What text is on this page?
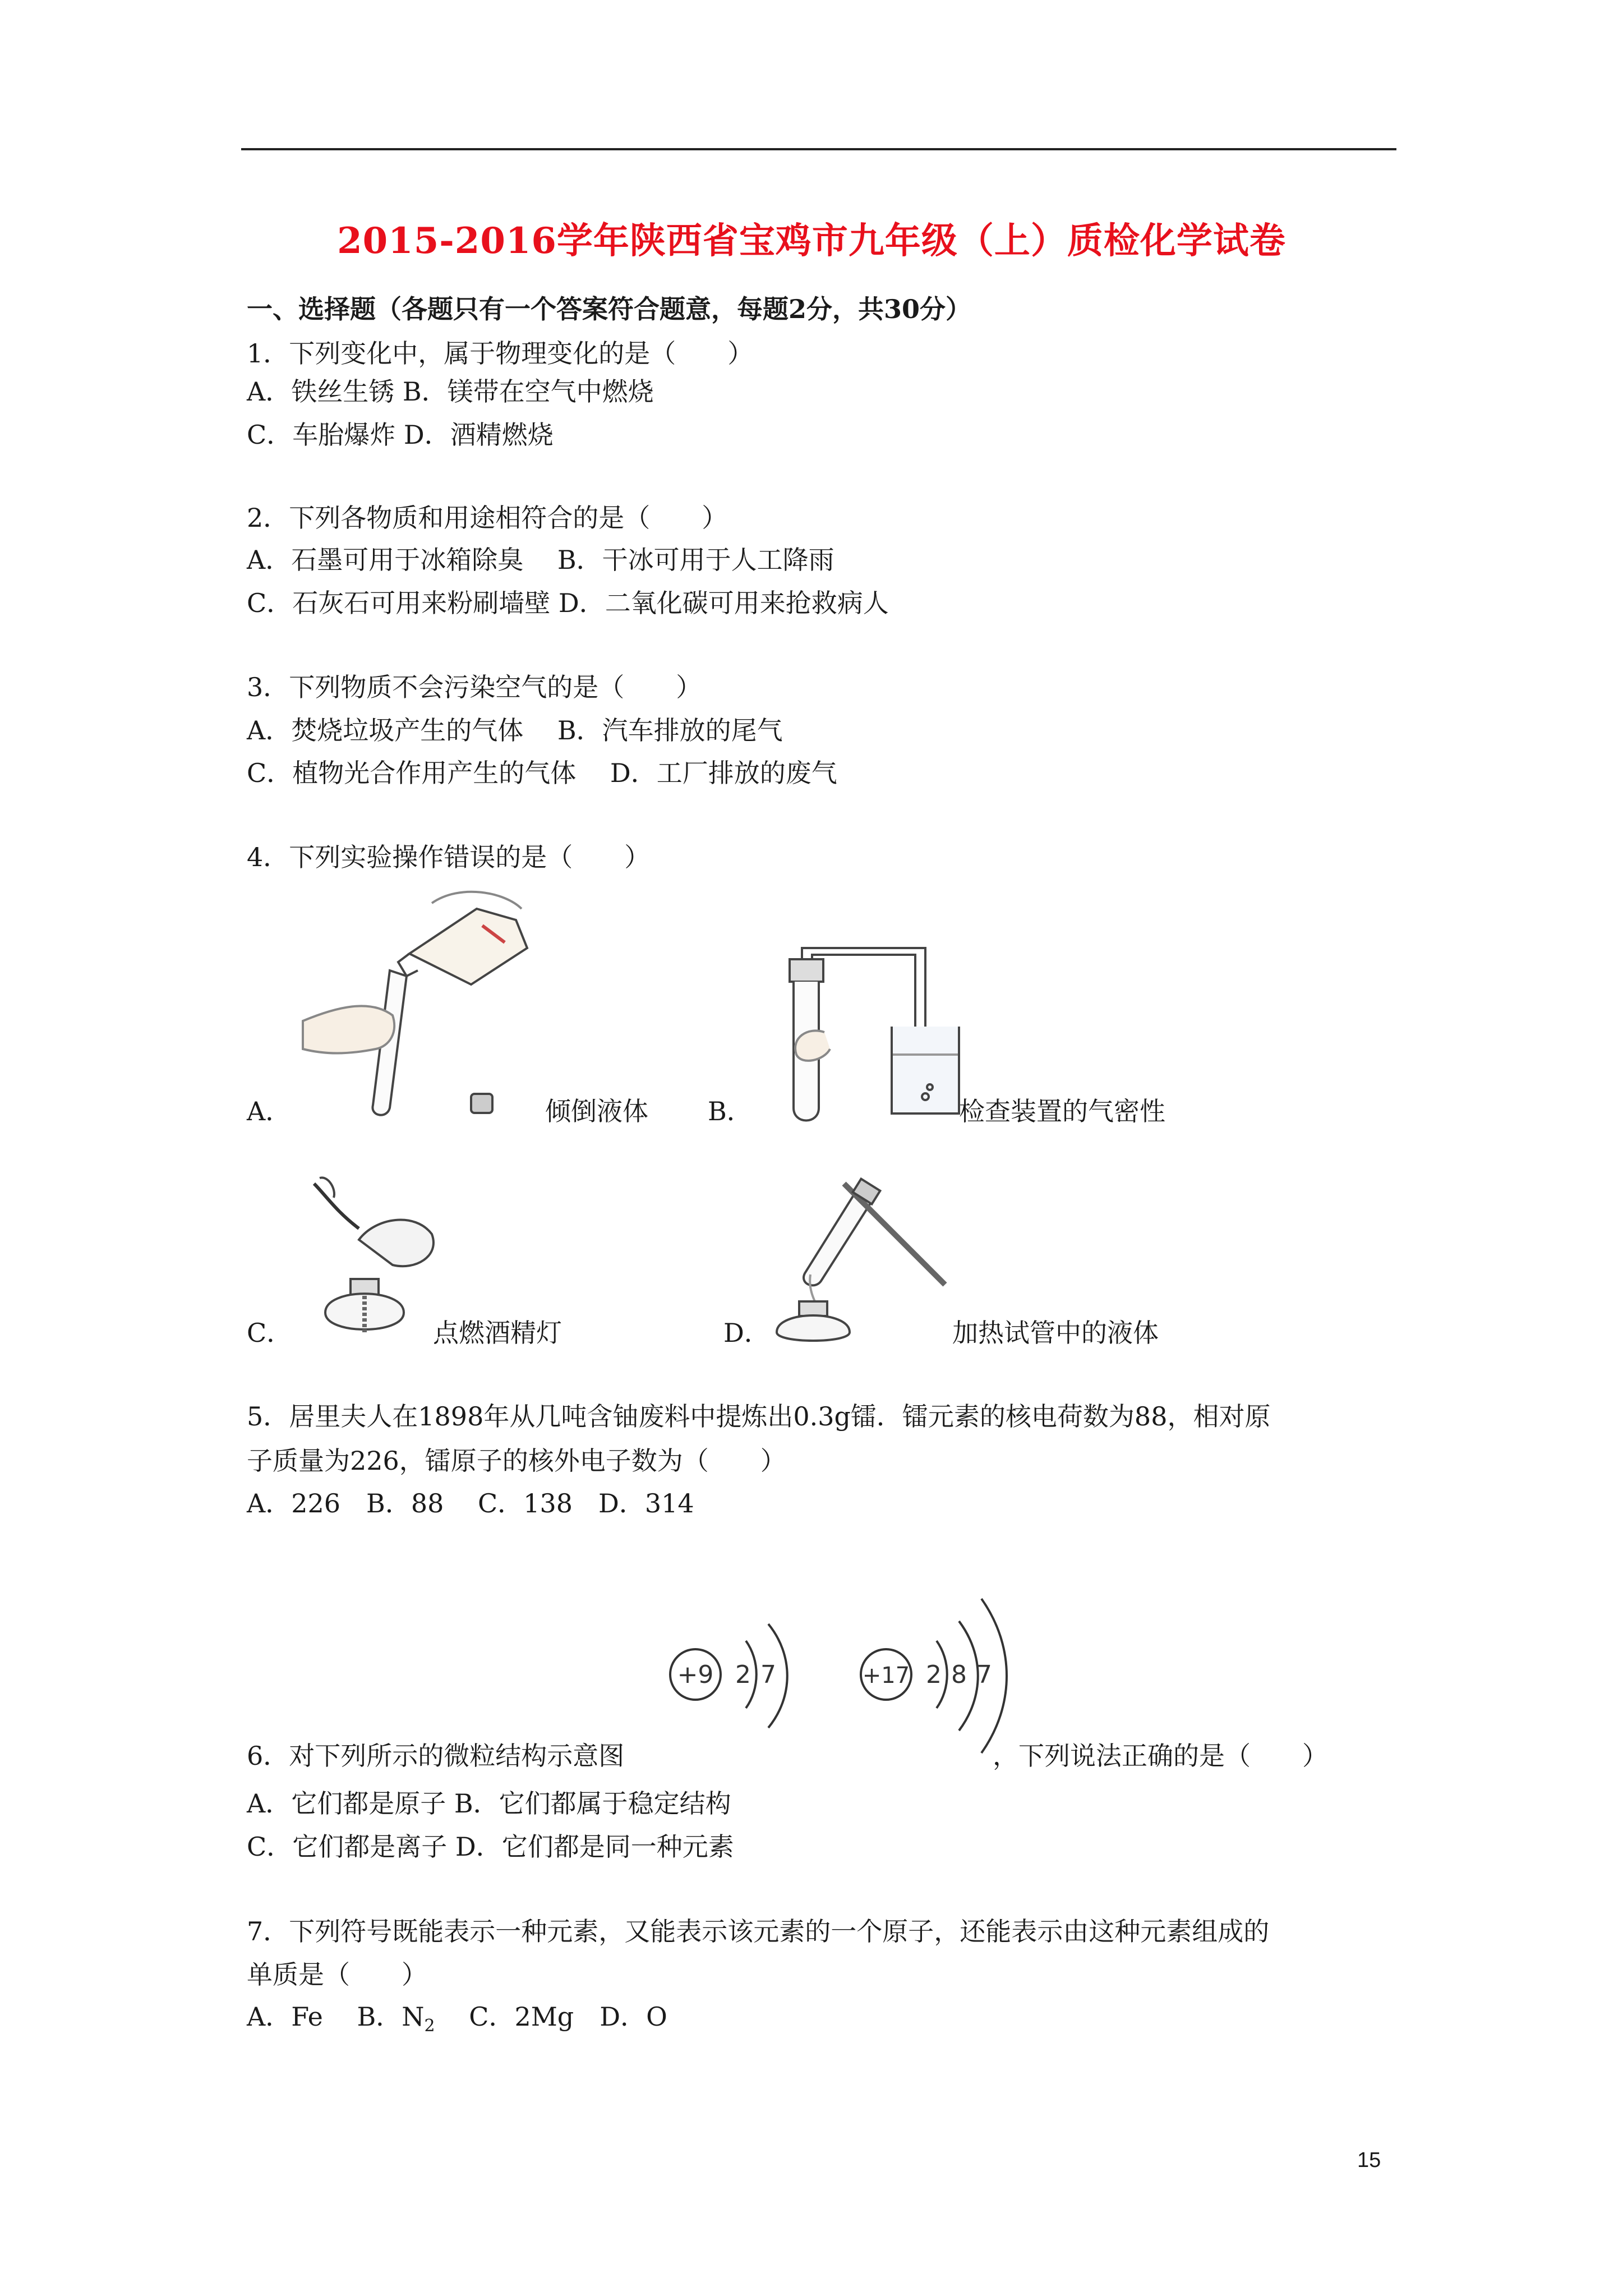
2015-2016学年陕西省宝鸡市九年级（上）质检化学试卷
一、选择题（各题只有一个答案符合题意，每题2分，共30分）
1．下列变化中，属于物理变化的是（　　）
A．铁丝生锈 B．镁带在空气中燃烧
C．车胎爆炸 D．酒精燃烧
2．下列各物质和用途相符合的是（　　）
A．石墨可用于冰箱除臭　 B．干冰可用于人工降雨
C．石灰石可用来粉刷墙壁 D．二氧化碳可用来抢救病人
3．下列物质不会污染空气的是（　　）
A．焚烧垃圾产生的气体　 B．汽车排放的尾气
C．植物光合作用产生的气体　 D．工厂排放的废气
4．下列实验操作错误的是（　　）
A．	倾倒液体 B．	检查装置的气密性
C．	点燃酒精灯	D．	加热试管中的液体
5．居里夫人在1898年从几吨含铀废料中提炼出0.3g镭．镭元素的核电荷数为88，相对原
子质量为226，镭原子的核外电子数为（　　）
A．226　B．88　 C．138　D．314
+9 2 7	+17 2 8 7
6．对下列所示的微粒结构示意图	，下列说法正确的是（　　）
A．它们都是原子 B．它们都属于稳定结构
C．它们都是离子 D．它们都是同一种元素
7．下列符号既能表示一种元素，又能表示该元素的一个原子，还能表示由这种元素组成的
单质是（　　）
A．Fe　 B．$N_2$　 C．2Mg　D．O
15
